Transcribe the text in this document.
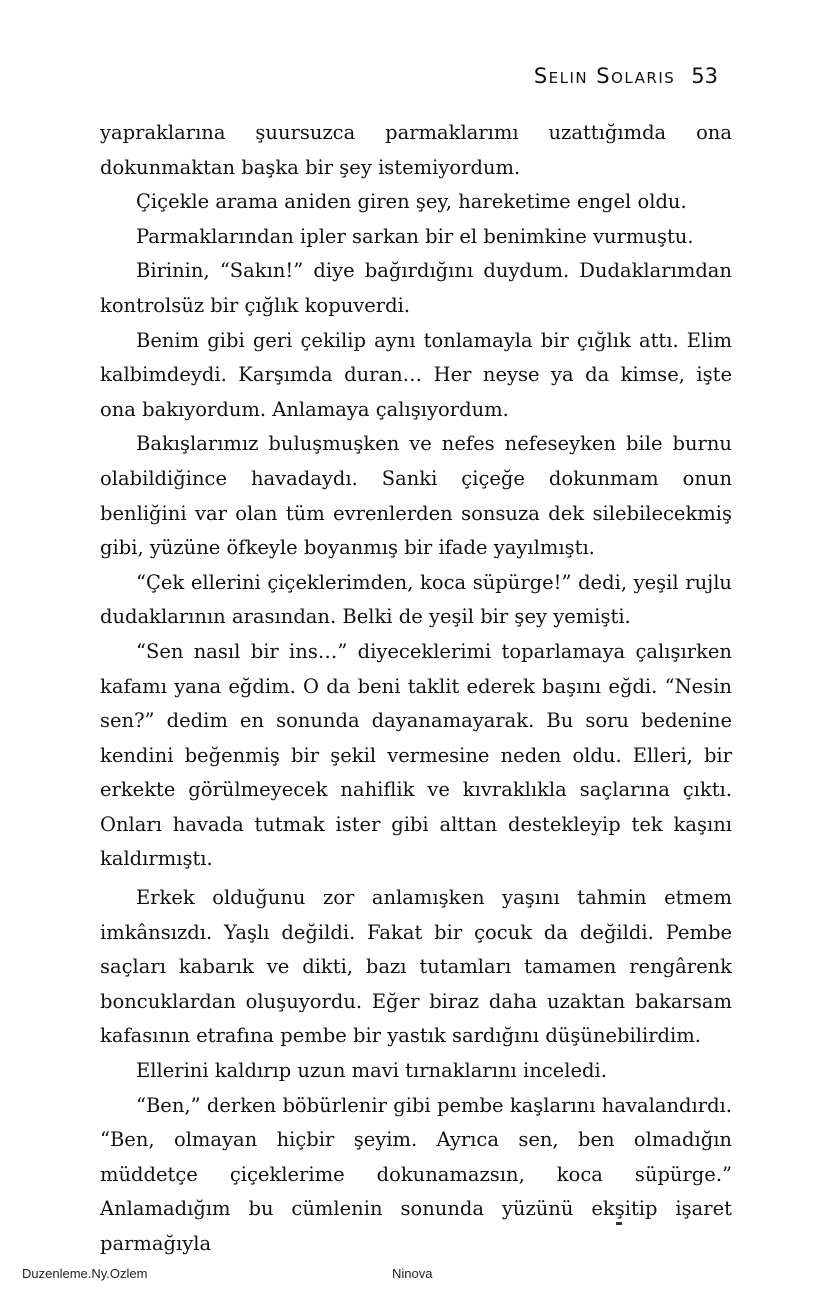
Selin Solaris 53

yapraklarına şuursuzca parmaklarımı uzattığımda ona dokunmaktan başka bir şey istemiyordum.

Çiçekle arama aniden giren şey, hareketime engel oldu.

Parmaklarından ipler sarkan bir el benimkine vurmuştu.

Birinin, “Sakın!” diye bağırdığını duydum. Dudaklarımdan kontrolsüz bir çığlık kopuverdi.

Benim gibi geri çekilip aynı tonlamayla bir çığlık attı. Elim kalbimdeydi. Karşımda duran… Her neyse ya da kimse, işte ona bakıyordum. Anlamaya çalışıyordum.

Bakışlarımız buluşmuşken ve nefes nefeseyken bile burnu olabildiğince havadaydı. Sanki çiçeğe dokunmam onun benliğini var olan tüm evrenlerden sonsuza dek silebilecekmiş gibi, yüzüne öfkeyle boyanmış bir ifade yayılmıştı.

“Çek ellerini çiçeklerimden, koca süpürge!” dedi, yeşil rujlu dudaklarının arasından. Belki de yeşil bir şey yemişti.

“Sen nasıl bir ins…” diyeceklerimi toparlamaya çalışırken kafamı yana eğdim. O da beni taklit ederek başını eğdi. “Nesin sen?” dedim en sonunda dayanamayarak. Bu soru bedenine kendini beğenmiş bir şekil vermesine neden oldu. Elleri, bir erkekte görülmeyecek nahiflik ve kıvraklıkla saçlarına çıktı. Onları havada tutmak ister gibi alttan destekleyip tek kaşını kaldırmıştı.

Erkek olduğunu zor anlamışken yaşını tahmin etmem imkânsızdı. Yaşlı değildi. Fakat bir çocuk da değildi. Pembe saçları kabarık ve dikti, bazı tutamları tamamen rengârenk boncuklardan oluşuyordu. Eğer biraz daha uzaktan bakarsam kafasının etrafına pembe bir yastık sardığını düşünebilirdim.

Ellerini kaldırıp uzun mavi tırnaklarını inceledi.

“Ben,” derken böbürlenir gibi pembe kaşlarını havalandırdı. “Ben, olmayan hiçbir şeyim. Ayrıca sen, ben olmadığın müddetçe çiçeklerime dokunamazsın, koca süpürge.” Anlamadığım bu cümlenin sonunda yüzünü ekşitip işaret parmağıyla

Duzenleme.Ny.Ozlem	Ninova
